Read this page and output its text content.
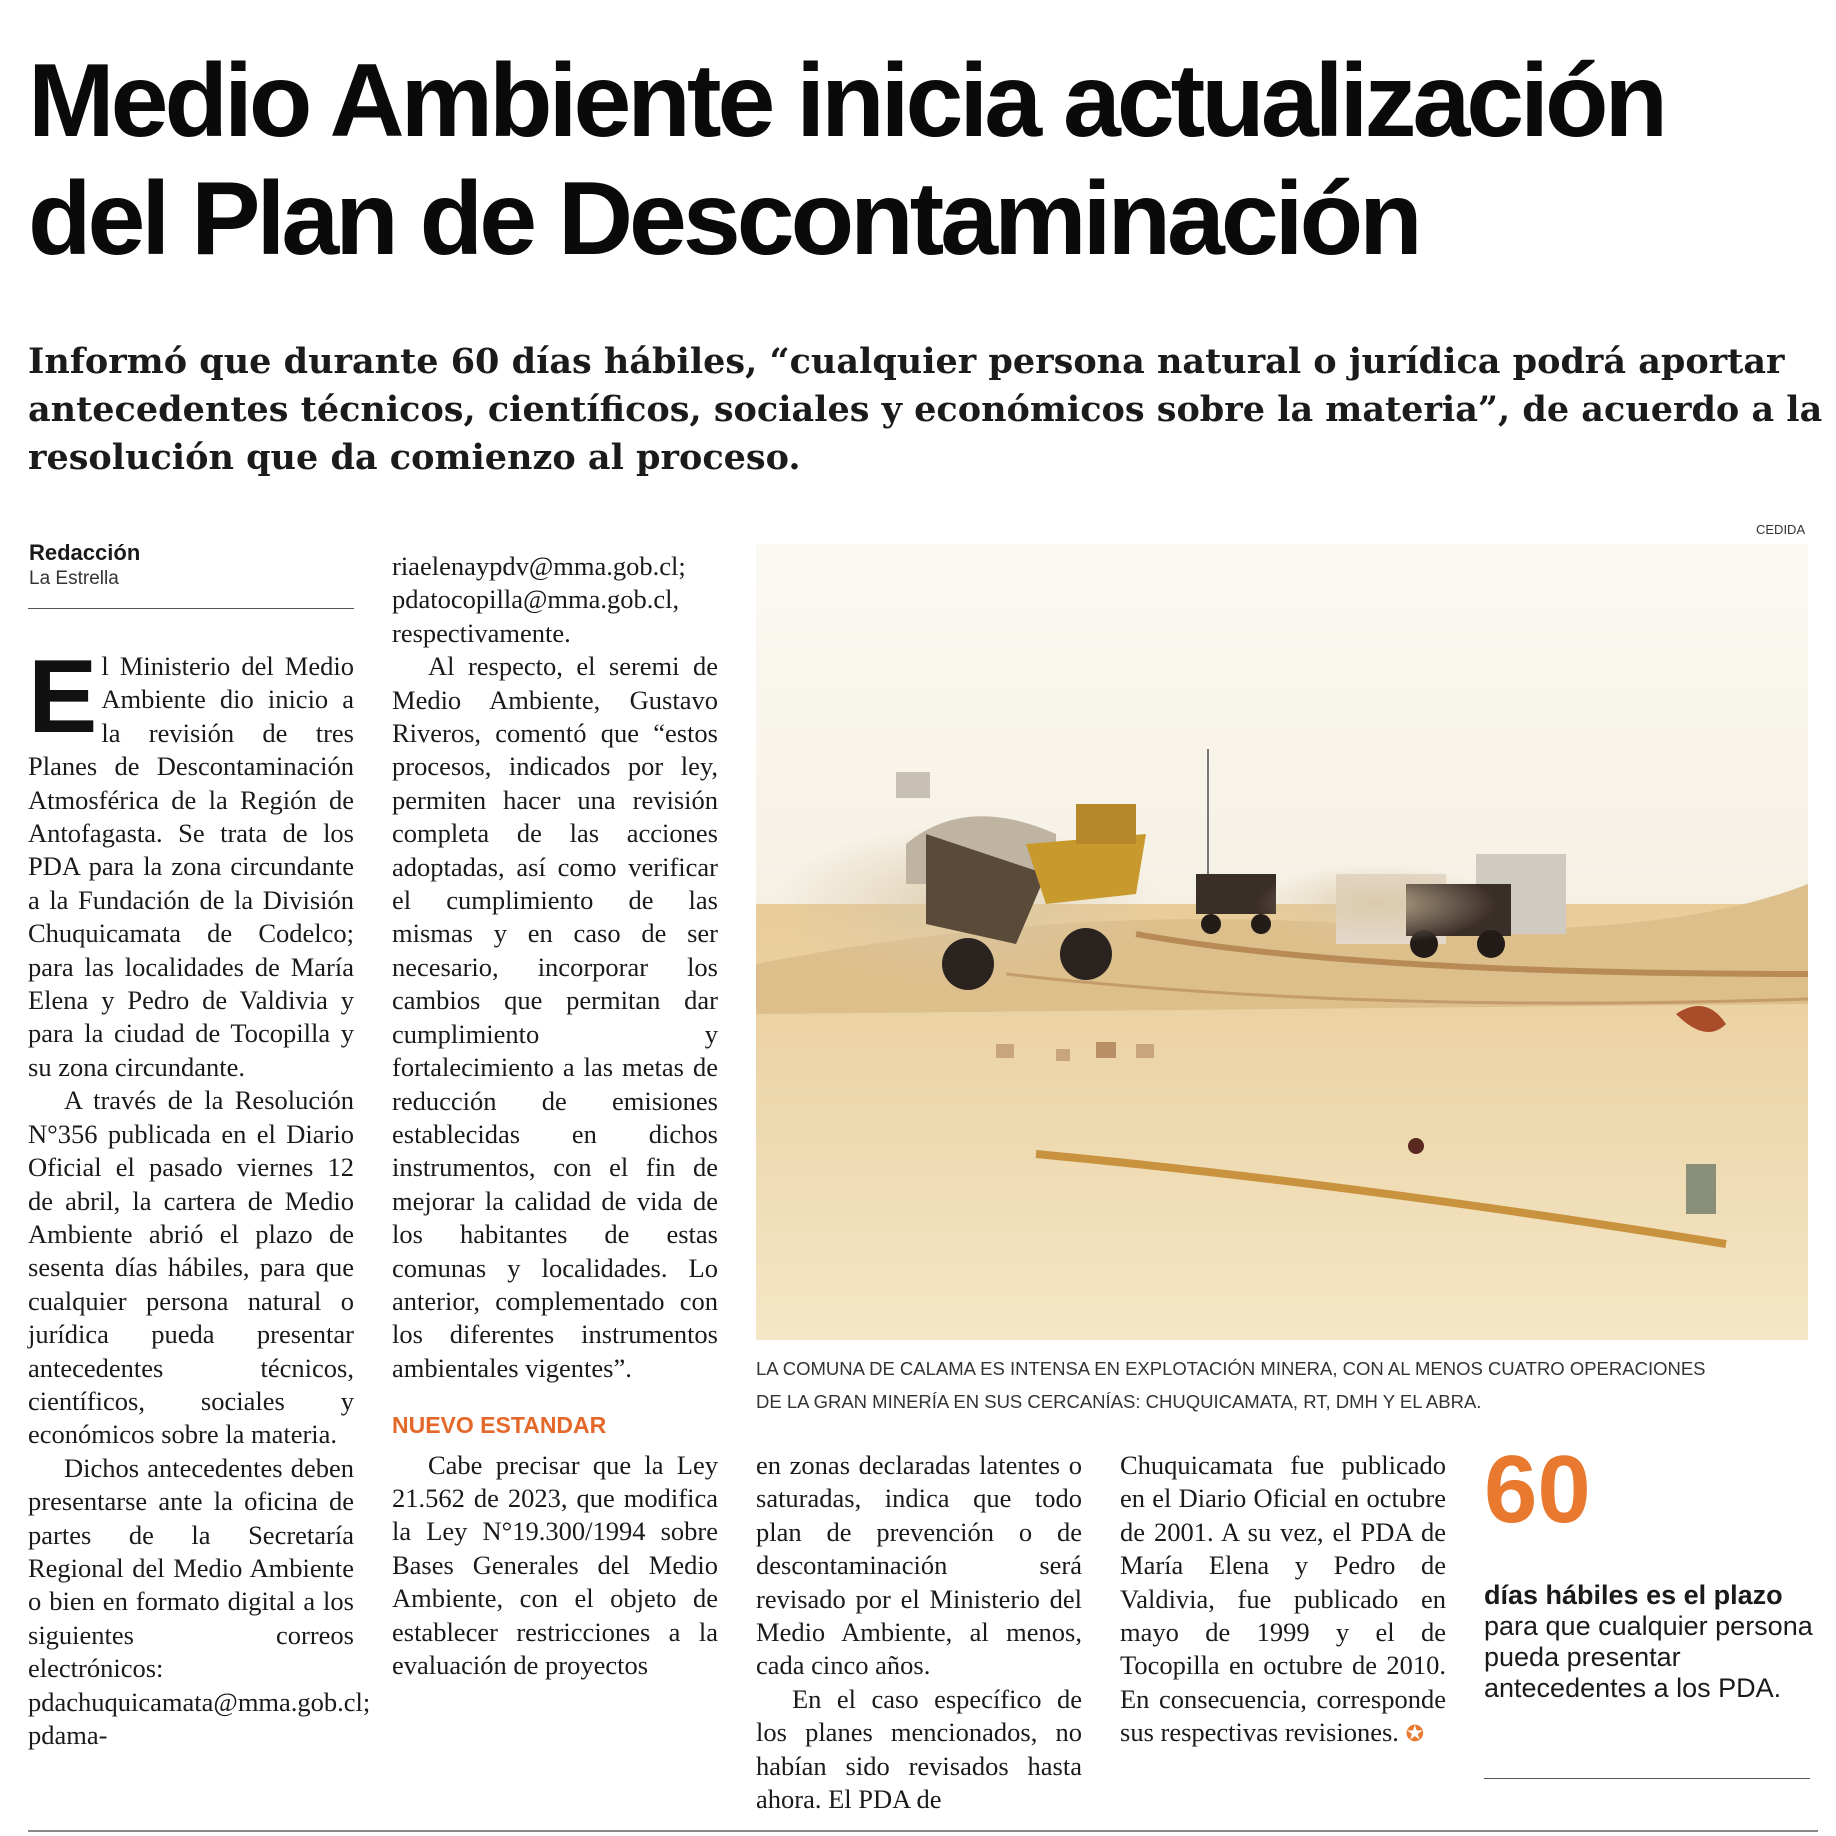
Medio Ambiente inicia actualización
del Plan de Descontaminación
Informó que durante 60 días hábiles, “cualquier persona natural o jurídica podrá aportar
antecedentes técnicos, científicos, sociales y económicos sobre la materia”, de acuerdo a la
resolución que da comienzo al proceso.
Redacción
La Estrella

El Ministerio del Medio Ambiente dio inicio a la revisión de tres Planes de Descontaminación Atmosférica de la Región de Antofagasta. Se trata de los PDA para la zona circundante a la Fundación de la División Chuquicamata de Codelco; para las localidades de María Elena y Pedro de Valdivia y para la ciudad de Tocopilla y su zona circundante.

A través de la Resolución N°356 publicada en el Diario Oficial el pasado viernes 12 de abril, la cartera de Medio Ambiente abrió el plazo de sesenta días hábiles, para que cualquier persona natural o jurídica pueda presentar antecedentes técnicos, científicos, sociales y económicos sobre la materia.

Dichos antecedentes deben presentarse ante la oficina de partes de la Secretaría Regional del Medio Ambiente o bien en formato digital a los siguientes correos electrónicos: pdachuquicamata@mma.gob.cl; pdama-

riaelenaypdv@mma.gob.cl; pdatocopilla@mma.gob.cl, respectivamente.

Al respecto, el seremi de Medio Ambiente, Gustavo Riveros, comentó que “estos procesos, indicados por ley, permiten hacer una revisión completa de las acciones adoptadas, así como verificar el cumplimiento de las mismas y en caso de ser necesario, incorporar los cambios que permitan dar cumplimiento y fortalecimiento a las metas de reducción de emisiones establecidas en dichos instrumentos, con el fin de mejorar la calidad de vida de los habitantes de estas comunas y localidades. Lo anterior, complementado con los diferentes instrumentos ambientales vigentes”.

NUEVO ESTANDAR

Cabe precisar que la Ley 21.562 de 2023, que modifica la Ley N°19.300/1994 sobre Bases Generales del Medio Ambiente, con el objeto de establecer restricciones a la evaluación de proyectos

CEDIDA

LA COMUNA DE CALAMA ES INTENSA EN EXPLOTACIÓN MINERA, CON AL MENOS CUATRO OPERACIONES
DE LA GRAN MINERÍA EN SUS CERCANÍAS: CHUQUICAMATA, RT, DMH Y EL ABRA.

en zonas declaradas latentes o saturadas, indica que todo plan de prevención o de descontaminación será revisado por el Ministerio del Medio Ambiente, al menos, cada cinco años.

En el caso específico de los planes mencionados, no habían sido revisados hasta ahora. El PDA de

Chuquicamata fue publicado en el Diario Oficial en octubre de 2001. A su vez, el PDA de María Elena y Pedro de Valdivia, fue publicado en mayo de 1999 y el de Tocopilla en octubre de 2010. En consecuencia, corresponde sus respectivas revisiones. ✪

60

días hábiles es el plazo para que cualquier persona pueda presentar antecedentes a los PDA.
